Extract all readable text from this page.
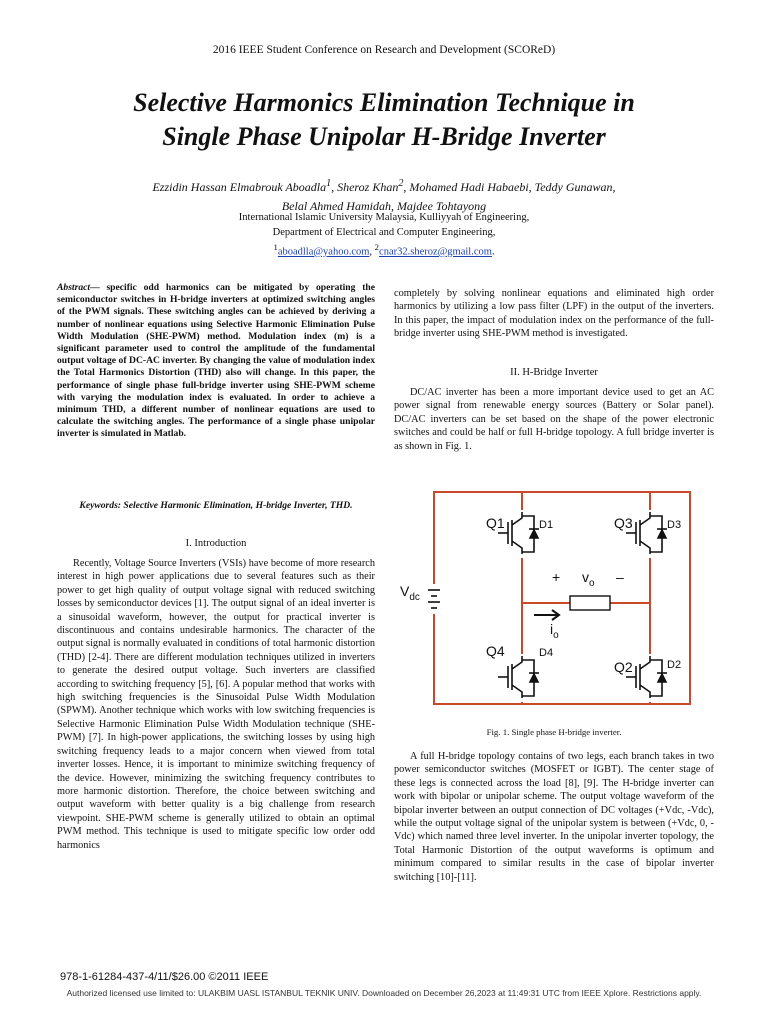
2016 IEEE Student Conference on Research and Development (SCOReD)
Selective Harmonics Elimination Technique in
Single Phase Unipolar H-Bridge Inverter
Ezzidin Hassan Elmabrouk Aboadla$^1$, Sheroz Khan$^2$, Mohamed Hadi Habaebi, Teddy Gunawan,
Belal Ahmed Hamidah, Majdee Tohtayong
International Islamic University Malaysia, Kulliyyah of Engineering,
Department of Electrical and Computer Engineering,
$^1$aboadlla@yahoo.com, $^2$cnar32.sheroz@gmail.com.
Abstract— specific odd harmonics can be mitigated by operating the semiconductor switches in H-bridge inverters at optimized switching angles of the PWM signals. These switching angles can be achieved by deriving a number of nonlinear equations using Selective Harmonic Elimination Pulse Width Modulation (SHE-PWM) method. Modulation index (m) is a significant parameter used to control the amplitude of the fundamental output voltage of DC-AC inverter. By changing the value of modulation index the Total Harmonics Distortion (THD) also will change. In this paper, the performance of single phase full-bridge inverter using SHE-PWM scheme with varying the modulation index is evaluated. In order to achieve a minimum THD, a different number of nonlinear equations are used to calculate the switching angles. The performance of a single phase unipolar inverter is simulated in Matlab.
Keywords: Selective Harmonic Elimination, H-bridge Inverter, THD.
I. Introduction

Recently, Voltage Source Inverters (VSIs) have become of more research interest in high power applications due to several features such as their power to get high quality of output voltage signal with reduced switching losses by semiconductor devices [1]. The output signal of an ideal inverter is a sinusoidal waveform, however, the output for practical inverter is discontinuous and contains undesirable harmonics. The character of the output signal is normally evaluated in conditions of total harmonic distortion (THD) [2-4]. There are different modulation techniques utilized in inverters to generate the desired output voltage. Such inverters are classified according to switching frequency [5], [6]. A popular method that works with high switching frequencies is the Sinusoidal Pulse Width Modulation (SPWM). Another technique which works with low switching frequencies is Selective Harmonic Elimination Pulse Width Modulation technique (SHE-PWM) [7]. In high-power applications, the switching losses by using high switching frequency leads to a major concern when viewed from total inverter losses. Hence, it is important to minimize switching frequency of the device. However, minimizing the switching frequency contributes to more harmonic distortion. Therefore, the choice between switching and output waveform with better quality is a big challenge from research viewpoint. SHE-PWM scheme is generally utilized to obtain an optimal PWM method. This technique is used to mitigate specific low order odd harmonics

completely by solving nonlinear equations and eliminated high order harmonics by utilizing a low pass filter (LPF) in the output of the inverters. In this paper, the impact of modulation index on the performance of the full-bridge inverter using SHE-PWM method is investigated.
II. H-Bridge Inverter

DC/AC inverter has been a more important device used to get an AC power signal from renewable energy sources (Battery or Solar panel). DC/AC inverters can be set based on the shape of the power electronic switches and could be half or full H-bridge topology. A full bridge inverter is as shown in Fig. 1.

Q1	D1	Q3	D3
Q4	D4
Q2	D2
$V_{dc}$
+	–
$v_o$
$i_o$
Fig. 1. Single phase H-bridge inverter.

A full H-bridge topology contains of two legs, each branch takes in two power semiconductor switches (MOSFET or IGBT). The center stage of these legs is connected across the load [8], [9]. The H-bridge inverter can work with bipolar or unipolar scheme. The output voltage waveform of the bipolar inverter between an output connection of DC voltages (+Vdc, -Vdc), while the output voltage signal of the unipolar system is between (+Vdc, 0, - Vdc) which named three level inverter. In the unipolar inverter topology, the Total Harmonic Distortion of the output waveforms is optimum and minimum compared to similar results in the case of bipolar inverter switching [10]-[11].

978-1-61284-437-4/11/$26.00 ©2011 IEEE
Authorized licensed use limited to: ULAKBIM UASL ISTANBUL TEKNIK UNIV. Downloaded on December 26,2023 at 11:49:31 UTC from IEEE Xplore. Restrictions apply.
